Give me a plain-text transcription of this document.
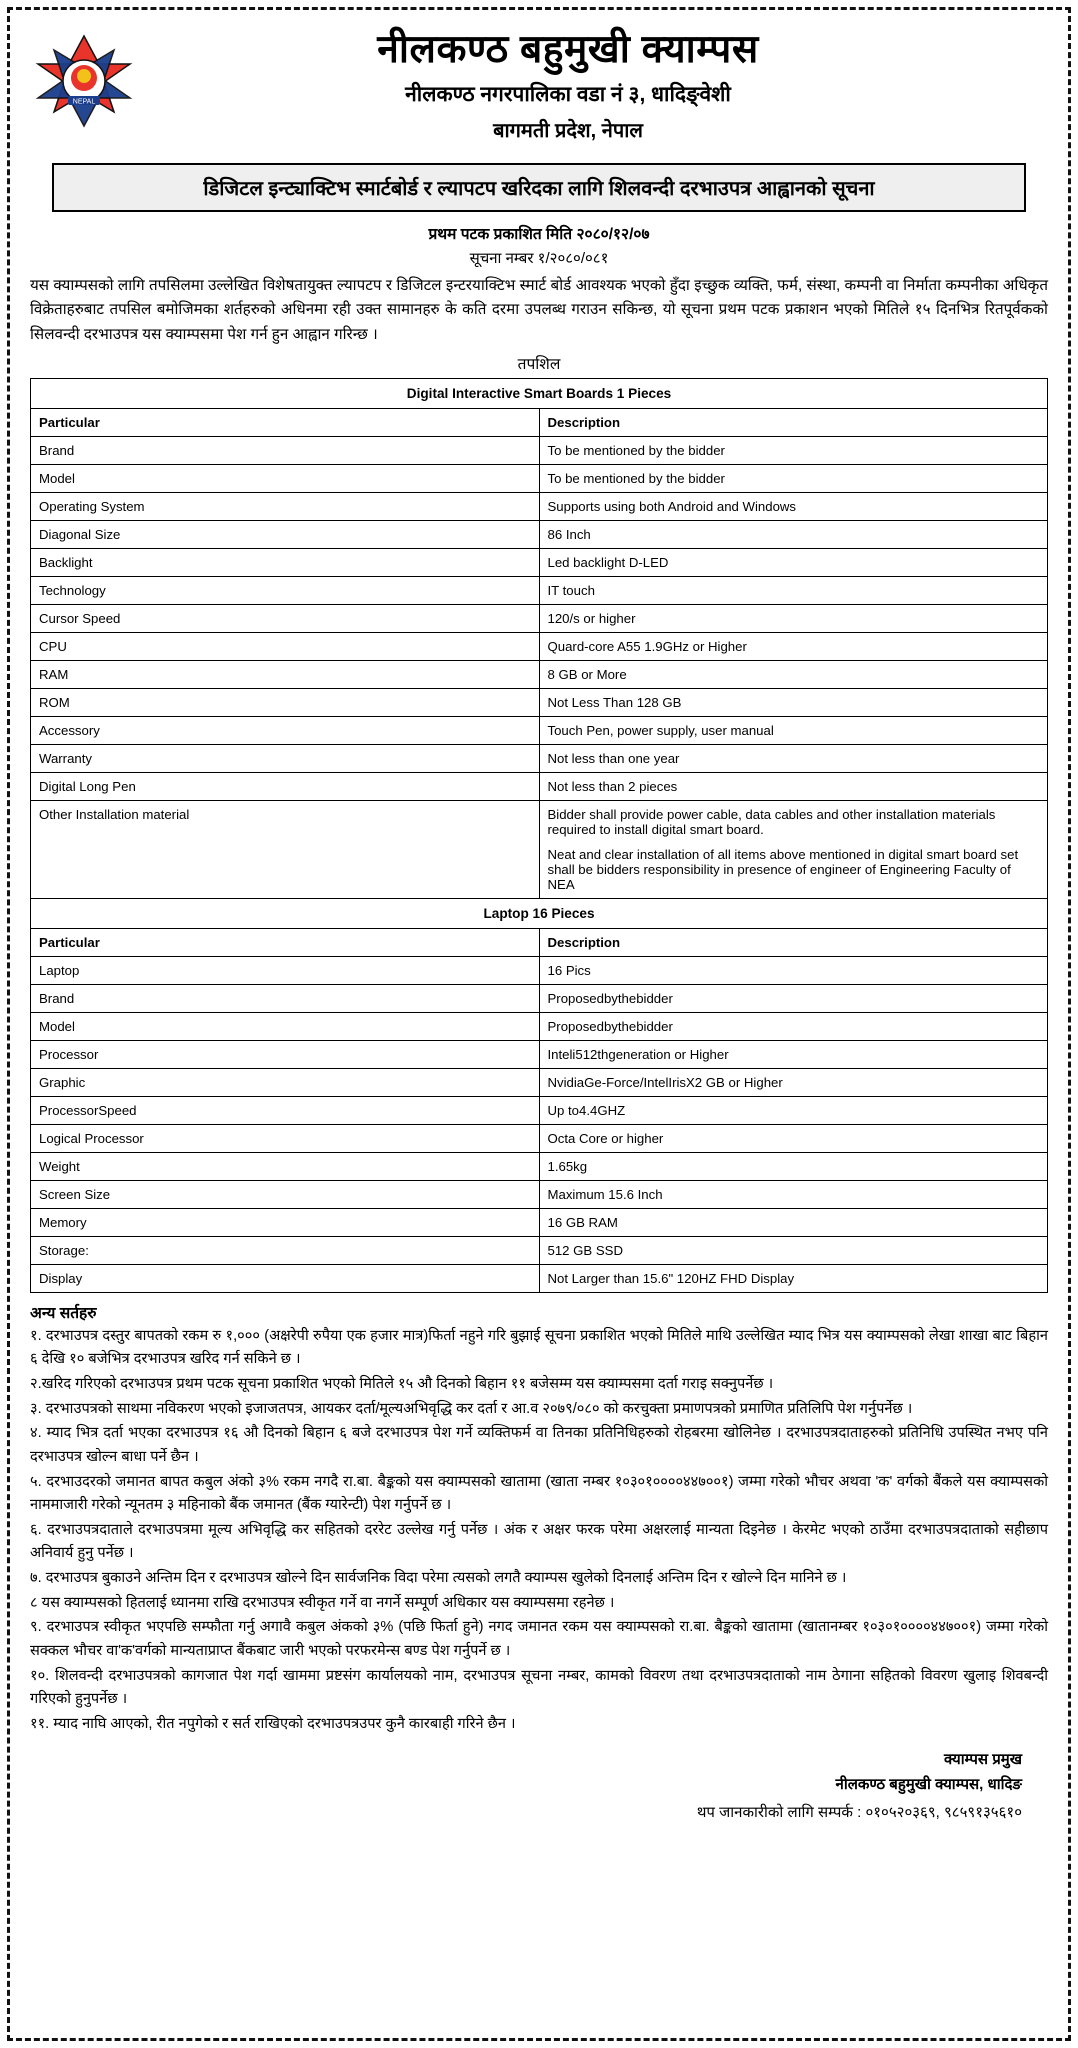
NEPAL
नीलकण्ठ बहुमुखी क्याम्पस
नीलकण्ठ नगरपालिका वडा नं ३, धादिङ्वेशी
बागमती प्रदेश, नेपाल
डिजिटल इन्ट्याक्टिभ स्मार्टबोर्ड र ल्यापटप खरिदका लागि शिलवन्दी दरभाउपत्र आह्वानको सूचना
प्रथम पटक प्रकाशित मिति २०८०/१२/०७
सूचना नम्बर १/२०८०/०८१
यस क्याम्पसको लागि तपसिलमा उल्लेखित विशेषतायुक्त ल्यापटप र डिजिटल इन्टरयाक्टिभ स्मार्ट बोर्ड आवश्यक भएको हुँदा इच्छुक व्यक्ति, फर्म, संस्था, कम्पनी वा निर्माता कम्पनीका अधिकृत विक्रेताहरुबाट तपसिल बमोजिमका शर्तहरुको अधिनमा रही उक्त सामानहरु के कति दरमा उपलब्ध गराउन सकिन्छ, यो सूचना प्रथम पटक प्रकाशन भएको मितिले १५ दिनभित्र रितपूर्वकको सिलवन्दी दरभाउपत्र यस क्याम्पसमा पेश गर्न हुन आह्वान गरिन्छ ।
तपशिल
Digital Interactive Smart Boards 1 Pieces	
Particular	Description
Brand	To be mentioned by the bidder
Model	To be mentioned by the bidder
Operating System	Supports using both Android and Windows
Diagonal Size	86 Inch
Backlight	Led backlight D-LED
Technology	IT touch
Cursor Speed	120/s or higher
CPU	Quard-core A55 1.9GHz or Higher
RAM	8 GB or More
ROM	Not Less Than 128 GB
Accessory	Touch Pen, power supply, user manual
Warranty	Not less than one year
Digital Long Pen	Not less than 2 pieces
Other Installation material	Bidder shall provide power cable, data cables and other installation materials required to install digital smart board.

Neat and clear installation of all items above mentioned in digital smart board set shall be bidders responsibility in presence of engineer of Engineering Faculty of NEA

Laptop 16 Pieces	
Particular	Description
Laptop	16 Pics
Brand	Proposedbythebidder
Model	Proposedbythebidder
Processor	Inteli512thgeneration or Higher
Graphic	NvidiaGe-Force/IntelIrisX2 GB or Higher
ProcessorSpeed	Up to4.4GHZ
Logical Processor	Octa Core or higher
Weight	1.65kg
Screen Size	Maximum 15.6 Inch
Memory	16 GB RAM
Storage:	512 GB SSD
Display	Not Larger than 15.6" 120HZ FHD Display
अन्य सर्तहरु

१. दरभाउपत्र दस्तुर बापतको रकम रु १,००० (अक्षरेपी रुपैया एक हजार मात्र)फिर्ता नहुने गरि बुझाई सूचना प्रकाशित भएको मितिले माथि उल्लेखित म्याद भित्र यस क्याम्पसको लेखा शाखा बाट बिहान ६ देखि १० बजेभित्र दरभाउपत्र खरिद गर्न सकिने छ ।

२.खरिद गरिएको दरभाउपत्र प्रथम पटक सूचना प्रकाशित भएको मितिले १५ औ दिनको बिहान ११ बजेसम्म यस क्याम्पसमा दर्ता गराइ सक्नुपर्नेछ ।

३. दरभाउपत्रको साथमा नविकरण भएको इजाजतपत्र, आयकर दर्ता/मूल्यअभिवृद्धि कर दर्ता र आ.व २०७९/०८० को करचुक्ता प्रमाणपत्रको प्रमाणित प्रतिलिपि पेश गर्नुपर्नेछ ।

४. म्याद भित्र दर्ता भएका दरभाउपत्र १६ औ दिनको बिहान ६ बजे दरभाउपत्र पेश गर्ने व्यक्तिफर्म वा तिनका प्रतिनिधिहरुको रोहबरमा खोलिनेछ । दरभाउपत्रदाताहरुको प्रतिनिधि उपस्थित नभए पनि दरभाउपत्र खोल्न बाधा पर्ने छैन ।

५. दरभाउदरको जमानत बापत कबुल अंको ३% रकम नगदै रा.बा. बैङ्कको यस क्याम्पसको खातामा (खाता नम्बर १०३०१००००४४७००१) जम्मा गरेको भौचर अथवा 'क' वर्गको बैंकले यस क्याम्पसको नाममाजारी गरेको न्यूनतम ३ महिनाको बैंक जमानत (बैंक ग्यारेन्टी) पेश गर्नुपर्ने छ ।

६. दरभाउपत्रदाताले दरभाउपत्रमा मूल्य अभिवृद्धि कर सहितको दररेट उल्लेख गर्नु पर्नेछ । अंक र अक्षर फरक परेमा अक्षरलाई मान्यता दिइनेछ । केरमेट भएको ठाउँमा दरभाउपत्रदाताको सहीछाप अनिवार्य हुनु पर्नेछ ।

७. दरभाउपत्र बुकाउने अन्तिम दिन र दरभाउपत्र खोल्ने दिन सार्वजनिक विदा परेमा त्यसको लगतै क्याम्पस खुलेको दिनलाई अन्तिम दिन र खोल्ने दिन मानिने छ ।

८ यस क्याम्पसको हितलाई ध्यानमा राखि दरभाउपत्र स्वीकृत गर्ने वा नगर्ने सम्पूर्ण अधिकार यस क्याम्पसमा रहनेछ ।

९. दरभाउपत्र स्वीकृत भएपछि सम्फौता गर्नु अगावै कबुल अंकको ३% (पछि फिर्ता हुने) नगद जमानत रकम यस क्याम्पसको रा.बा. बैङ्कको खातामा (खातानम्बर १०३०१००००४४७००१) जम्मा गरेको सक्कल भौचर वा'क'वर्गको मान्यताप्राप्त बैंकबाट जारी भएको परफरमेन्स बण्ड पेश गर्नुपर्ने छ ।

१०. शिलवन्दी दरभाउपत्रको कागजात पेश गर्दा खाममा प्रष्टसंग कार्यालयको नाम, दरभाउपत्र सूचना नम्बर, कामको विवरण तथा दरभाउपत्रदाताको नाम ठेगाना सहितको विवरण खुलाइ शिवबन्दी गरिएको हुनुपर्नेछ ।

११. म्याद नाघि आएको, रीत नपुगेको र सर्त राखिएको दरभाउपत्रउपर कुनै कारबाही गरिने छैन ।

क्याम्पस प्रमुख
नीलकण्ठ बहुमुखी क्याम्पस, धादिङ
थप जानकारीको लागि सम्पर्क : ०१०५२०३६९, ९८५९१३५६१०
